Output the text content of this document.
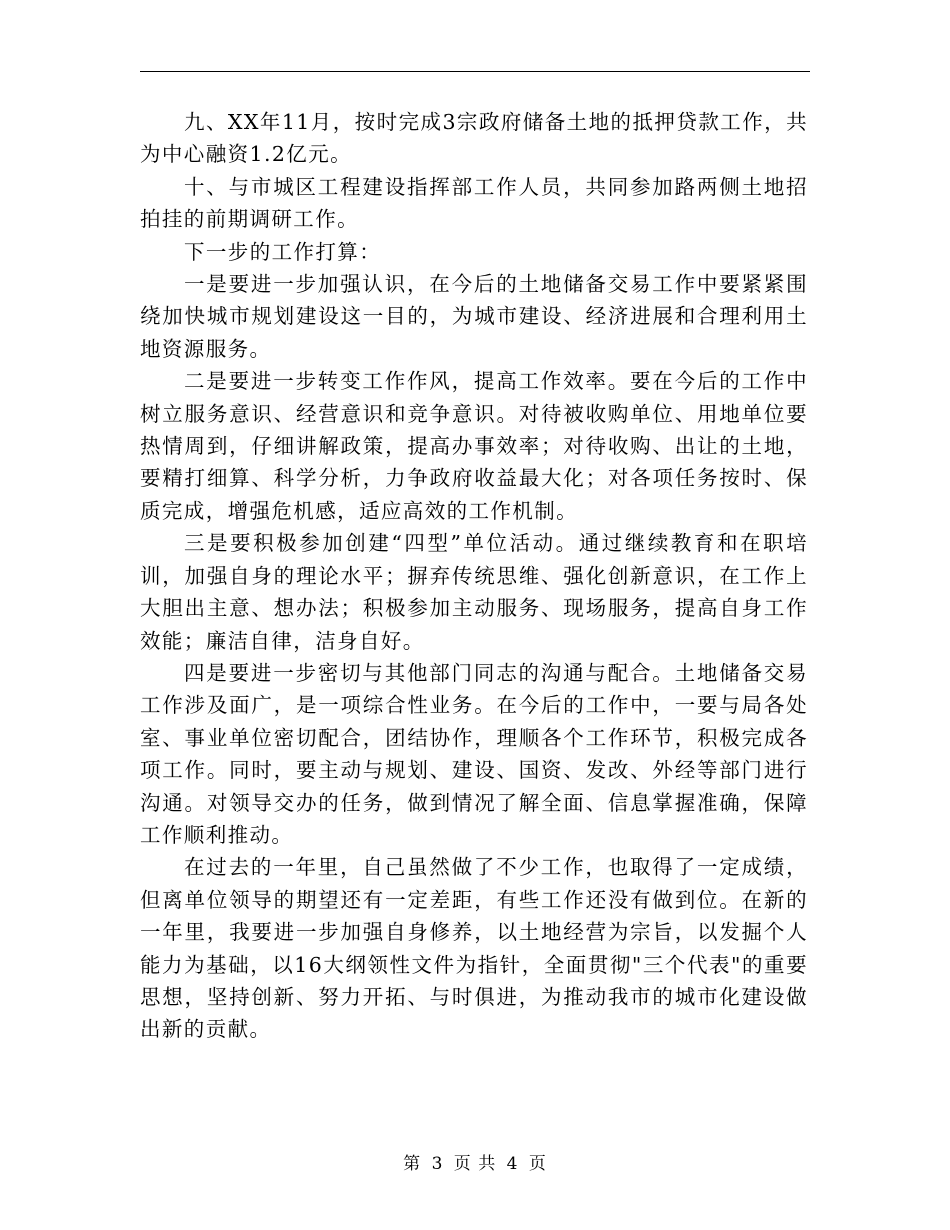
九、XX年11月，按时完成3宗政府储备土地的抵押贷款工作，共为中心融资1.2亿元。

十、与市城区工程建设指挥部工作人员，共同参加路两侧土地招拍挂的前期调研工作。

下一步的工作打算：

一是要进一步加强认识，在今后的土地储备交易工作中要紧紧围绕加快城市规划建设这一目的，为城市建设、经济进展和合理利用土地资源服务。

二是要进一步转变工作作风，提高工作效率。要在今后的工作中树立服务意识、经营意识和竞争意识。对待被收购单位、用地单位要热情周到，仔细讲解政策，提高办事效率；对待收购、出让的土地，要精打细算、科学分析，力争政府收益最大化；对各项任务按时、保质完成，增强危机感，适应高效的工作机制。

三是要积极参加创建“四型”单位活动。通过继续教育和在职培训，加强自身的理论水平；摒弃传统思维、强化创新意识，在工作上大胆出主意、想办法；积极参加主动服务、现场服务，提高自身工作效能；廉洁自律，洁身自好。

四是要进一步密切与其他部门同志的沟通与配合。土地储备交易工作涉及面广，是一项综合性业务。在今后的工作中，一要与局各处室、事业单位密切配合，团结协作，理顺各个工作环节，积极完成各项工作。同时，要主动与规划、建设、国资、发改、外经等部门进行沟通。对领导交办的任务，做到情况了解全面、信息掌握准确，保障工作顺利推动。

在过去的一年里，自己虽然做了不少工作，也取得了一定成绩，但离单位领导的期望还有一定差距，有些工作还没有做到位。在新的一年里，我要进一步加强自身修养，以土地经营为宗旨，以发掘个人能力为基础，以16大纲领性文件为指针，全面贯彻"三个代表"的重要思想，坚持创新、努力开拓、与时俱进，为推动我市的城市化建设做出新的贡献。

第 3 页 共 4 页
